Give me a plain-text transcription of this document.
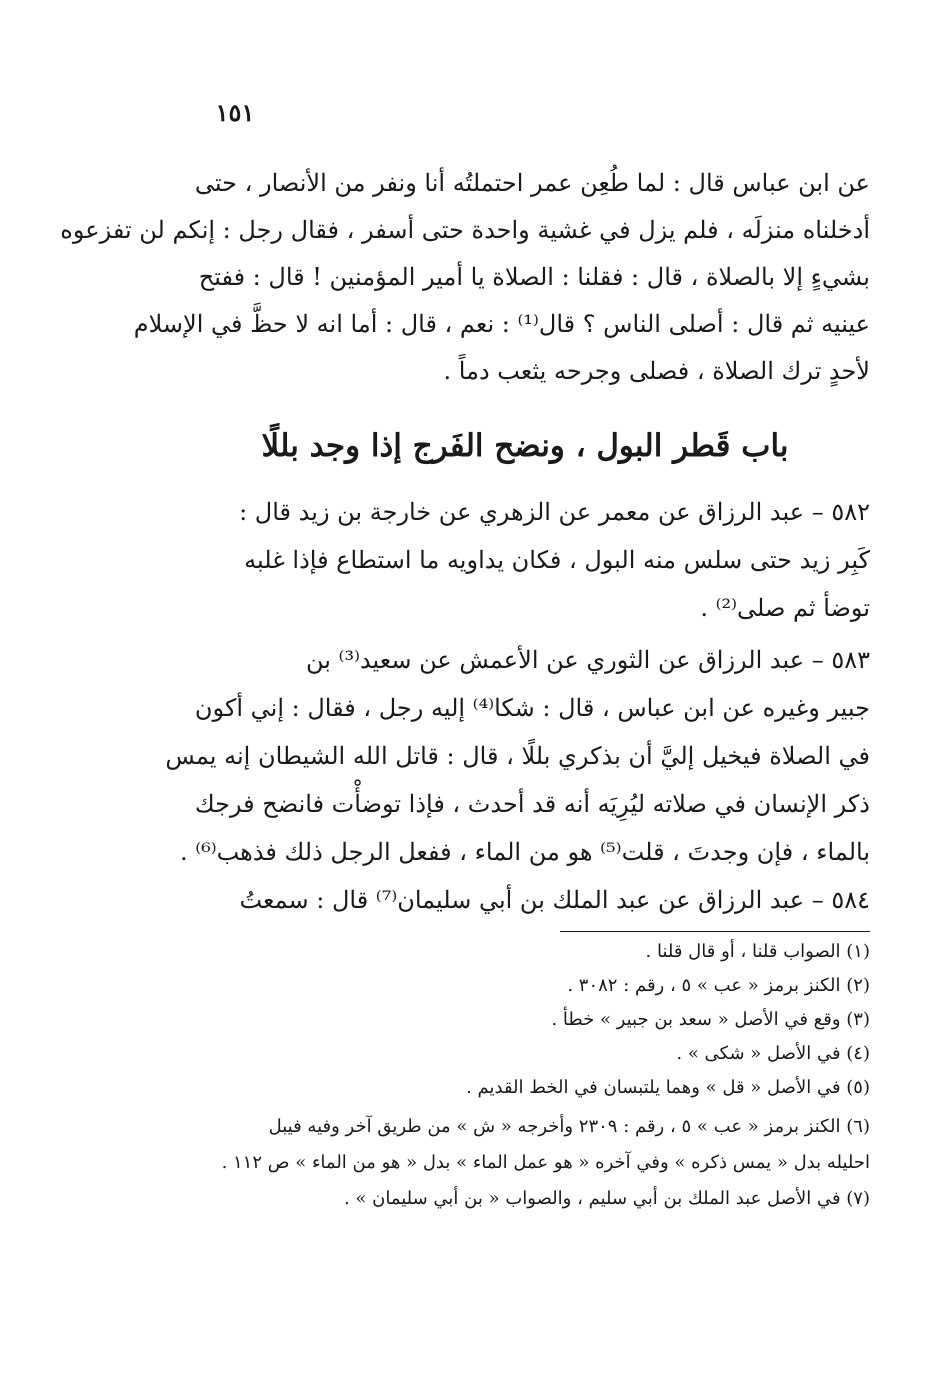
١٥١
عن ابن عباس قال : لما طُعِن عمر احتملتُه أنا ونفر من الأنصار ، حتى
أدخلناه منزلَه ، فلم يزل في غشية واحدة حتى أسفر ، فقال رجل : إنكم لن تفزعوه
بشيءٍ إلا بالصلاة ، قال : فقلنا : الصلاة يا أمير المؤمنين ! قال : ففتح
عينيه ثم قال : أصلى الناس ؟ قال⁽¹⁾ : نعم ، قال : أما انه لا حظَّ في الإسلام
لأحدٍ ترك الصلاة ، فصلى وجرحه يثعب دماً .
باب قَطر البول ، ونضح الفَرج إذا وجد بللًا
٥٨٢ – عبد الرزاق عن معمر عن الزهري عن خارجة بن زيد قال :
كَبِر زيد حتى سلس منه البول ، فكان يداويه ما استطاع فإذا غلبه
توضأ ثم صلى⁽²⁾ .
٥٨٣ – عبد الرزاق عن الثوري عن الأعمش عن سعيد⁽³⁾ بن
جبير وغيره عن ابن عباس ، قال : شكا⁽⁴⁾ إليه رجل ، فقال : إني أكون
في الصلاة فيخيل إليَّ أن بذكري بللًا ، قال : قاتل الله الشيطان إنه يمس
ذكر الإنسان في صلاته ليُرِيَه أنه قد أحدث ، فإذا توضأْت فانضح فرجك
بالماء ، فإن وجدتَ ، قلت⁽⁵⁾ هو من الماء ، ففعل الرجل ذلك فذهب⁽⁶⁾ .
٥٨٤ – عبد الرزاق عن عبد الملك بن أبي سليمان⁽⁷⁾ قال : سمعتُ
(١) الصواب قلنا ، أو قال قلنا .
(٢) الكنز برمز « عب » ٥ ، رقم : ٣٠٨٢ .
(٣) وقع في الأصل « سعد بن جبير » خطأ .
(٤) في الأصل « شكى » .
(٥) في الأصل « قل » وهما يلتبسان في الخط القديم .
(٦) الكنز برمز « عب » ٥ ، رقم : ٢٣٠٩ وأخرجه « ش » من طريق آخر وفيه فيبل
احليله بدل « يمس ذكره » وفي آخره « هو عمل الماء » بدل « هو من الماء » ص ١١٢ .
(٧) في الأصل عبد الملك بن أبي سليم ، والصواب « بن أبي سليمان » .
